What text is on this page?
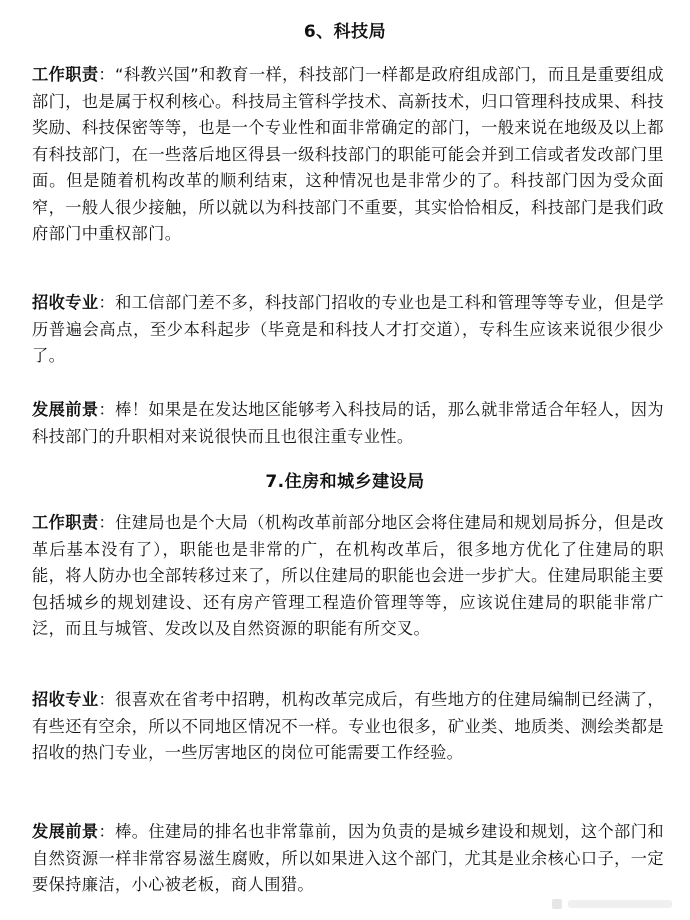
6、科技局

工作职责：“科教兴国”和教育一样，科技部门一样都是政府组成部门，而且是重要组成部门，也是属于权利核心。科技局主管科学技术、高新技术，归口管理科技成果、科技奖励、科技保密等等，也是一个专业性和面非常确定的部门，一般来说在地级及以上都有科技部门，在一些落后地区得县一级科技部门的职能可能会并到工信或者发改部门里面。但是随着机构改革的顺利结束，这种情况也是非常少的了。科技部门因为受众面窄，一般人很少接触，所以就以为科技部门不重要，其实恰恰相反，科技部门是我们政府部门中重权部门。

招收专业：和工信部门差不多，科技部门招收的专业也是工科和管理等等专业，但是学历普遍会高点，至少本科起步（毕竟是和科技人才打交道），专科生应该来说很少很少了。

发展前景：棒！如果是在发达地区能够考入科技局的话，那么就非常适合年轻人，因为科技部门的升职相对来说很快而且也很注重专业性。

7.住房和城乡建设局

工作职责：住建局也是个大局（机构改革前部分地区会将住建局和规划局拆分，但是改革后基本没有了），职能也是非常的广，在机构改革后，很多地方优化了住建局的职能，将人防办也全部转移过来了，所以住建局的职能也会进一步扩大。住建局职能主要包括城乡的规划建设、还有房产管理工程造价管理等等，应该说住建局的职能非常广泛，而且与城管、发改以及自然资源的职能有所交叉。

招收专业：很喜欢在省考中招聘，机构改革完成后，有些地方的住建局编制已经满了，有些还有空余，所以不同地区情况不一样。专业也很多，矿业类、地质类、测绘类都是招收的热门专业，一些厉害地区的岗位可能需要工作经验。

发展前景：棒。住建局的排名也非常靠前，因为负责的是城乡建设和规划，这个部门和自然资源一样非常容易滋生腐败，所以如果进入这个部门，尤其是业余核心口子，一定要保持廉洁，小心被老板，商人围猎。
